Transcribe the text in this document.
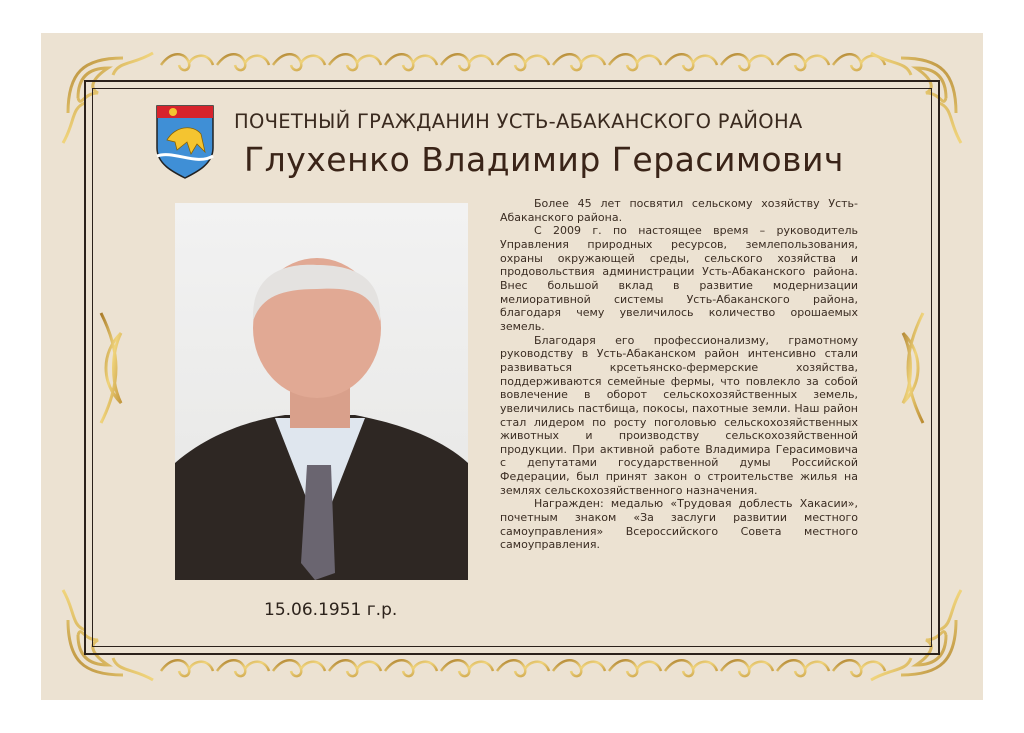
ПОЧЕТНЫЙ ГРАЖДАНИН УСТЬ-АБАКАНСКОГО РАЙОНА
Глухенко Владимир Герасимович
15.06.1951 г.р.

Более 45 лет посвятил сельскому хозяйству Усть-Абаканского района.

С 2009 г. по настоящее время – руководитель Управления природных ресурсов, землепользования, охраны окружающей среды, сельского хозяйства и продовольствия администрации Усть-Абаканского района. Внес большой вклад в развитие модернизации мелиоративной системы Усть-Абаканского района, благодаря чему увеличилось количество орошаемых земель.

Благодаря его профессионализму, грамотному руководству в Усть-Абаканском район интенсивно стали развиваться крсетьянско-фермерские хозяйства, поддерживаются семейные фермы, что повлекло за собой вовлечение в оборот сельскохозяйственных земель, увеличились пастбища, покосы, пахотные земли. Наш район стал лидером по росту поголовью сельскохозяйственных животных и производству сельскохозяйственной продукции. При активной работе Владимира Герасимовича с депутатами государственной думы Российской Федерации, был принят закон о строительстве жилья на землях сельскохозяйственного назначения.

Награжден: медалью «Трудовая доблесть Хакасии», почетным знаком «За заслуги развитии местного самоуправления» Всероссийского Совета местного самоуправления.
